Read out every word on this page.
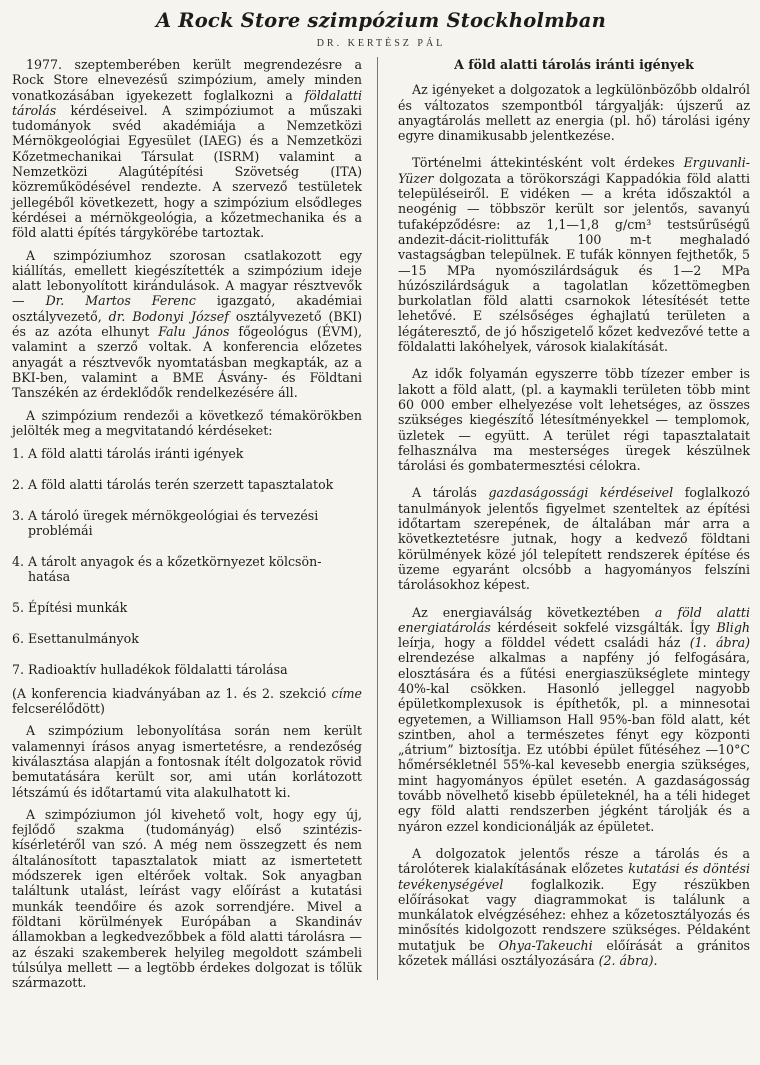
A Rock Store szimpózium Stockholmban
DR. KERTÉSZ PÁL

1977. szeptemberében került megrendezésre a Rock Store elnevezésű szimpózium, amely minden vonatkozásában igyekezett foglalkozni a földalatti tárolás kérdéseivel. A szimpóziumot a műszaki tudományok svéd akadémiája a Nemzetközi Mérnökgeológiai Egyesület (IAEG) és a Nemzetközi Kőzetmechanikai Társulat (ISRM) valamint a Nemzetközi Alagútépítési Szövetség (ITA) közreműködésével rendezte. A szervező testületek jellegéből következett, hogy a szimpózium elsődleges kérdései a mérnökgeológia, a kőzetmechanika és a föld alatti építés tárgykörébe tartoztak.

A szimpóziumhoz szorosan csatlakozott egy kiállítás, emellett kiegészítették a szimpózium ideje alatt lebonyolított kirándulások. A magyar résztvevők — Dr. Martos Ferenc igazgató, akadémiai osztályvezető, dr. Bodonyi József osztályvezető (BKI) és az azóta elhunyt Falu János főgeológus (ÉVM), valamint a szerző voltak. A konferencia előzetes anyagát a résztvevők nyomtatásban megkapták, az a BKI-ben, valamint a BME Ásvány- és Földtani Tanszékén az érdeklődők rendelkezésére áll.

A szimpózium rendezői a következő témakörökben jelölték meg a megvitatandó kérdéseket:

1. A föld alatti tárolás iránti igények
2. A föld alatti tárolás terén szerzett tapasztalatok
3. A tároló üregek mérnökgeológiai és tervezési
problémái
4. A tárolt anyagok és a kőzetkörnyezet kölcsön-
hatása
5. Építési munkák
6. Esettanulmányok
7. Radioaktív hulladékok földalatti tárolása

(A konferencia kiadványában az 1. és 2. szekció címe felcserélődött)

A szimpózium lebonyolítása során nem került valamennyi írásos anyag ismertetésre, a rendezőség kiválasztása alapján a fontosnak ítélt dolgozatok rövid bemutatására került sor, ami után korlátozott létszámú és időtartamú vita alakulhatott ki.

A szimpóziumon jól kivehető volt, hogy egy új, fejlődő szakma (tudományág) első szintézis-kísérletéről van szó. A még nem összegzett és nem általánosított tapasztalatok miatt az ismertetett módszerek igen eltérőek voltak. Sok anyagban találtunk utalást, leírást vagy előírást a kutatási munkák teendőire és azok sorrendjére. Mivel a földtani körülmények Európában a Skandináv államokban a legkedvezőbbek a föld alatti tárolásra — az északi szakemberek helyileg megoldott számbeli túlsúlya mellett — a legtöbb érdekes dolgozat is tőlük származott.

A föld alatti tárolás iránti igények

Az igényeket a dolgozatok a legkülönbözőbb oldalról és változatos szempontból tárgyalják: újszerű az anyagtárolás mellett az energia (pl. hő) tárolási igény egyre dinamikusabb jelentkezése.

Történelmi áttekintésként volt érdekes Erguvanli-Yüzer dolgozata a törökországi Kappadókia föld alatti településeiről. E vidéken — a kréta időszaktól a neogénig — többször került sor jelentős, savanyú tufaképződésre: az 1,1—1,8 g/cm³ testsűrűségű andezit-dácit-riolittufák 100 m-t meghaladó vastagságban települnek. E tufák könnyen fejthetők, 5—15 MPa nyomószilárdságuk és 1—2 MPa húzószilárdságuk a tagolatlan kőzettömegben burkolatlan föld alatti csarnokok létesítését tette lehetővé. E szélsőséges éghajlatú területen a légáteresztő, de jó hőszigetelő kőzet kedvezővé tette a földalatti lakóhelyek, városok kialakítását.

Az idők folyamán egyszerre több tízezer ember is lakott a föld alatt, (pl. a kaymakli területen több mint 60 000 ember elhelyezése volt lehetséges, az összes szükséges kiegészítő létesítményekkel — templomok, üzletek — együtt. A terület régi tapasztalatait felhasználva ma mesterséges üregek készülnek tárolási és gombatermesztési célokra.

A tárolás gazdaságossági kérdéseivel foglalkozó tanulmányok jelentős figyelmet szenteltek az építési időtartam szerepének, de általában már arra a következtetésre jutnak, hogy a kedvező földtani körülmények közé jól telepített rendszerek építése és üzeme egyaránt olcsóbb a hagyományos felszíni tárolásokhoz képest.

Az energiaválság következtében a föld alatti energiatárolás kérdéseit sokfelé vizsgálták. Így Bligh leírja, hogy a földdel védett családi ház (1. ábra) elrendezése alkalmas a napfény jó felfogására, elosztására és a fűtési energiaszükséglete mintegy 40%-kal csökken. Hasonló jelleggel nagyobb épületkomplexusok is építhetők, pl. a minnesotai egyetemen, a Williamson Hall 95%-ban föld alatt, két szintben, ahol a természetes fényt egy központi „átrium” biztosítja. Ez utóbbi épület fűtéséhez —10°C hőmérsékletnél 55%-kal kevesebb energia szükséges, mint hagyományos épület esetén. A gazdaságosság tovább növelhető kisebb épületeknél, ha a téli hideget egy föld alatti rendszerben jégként tárolják és a nyáron ezzel kondicionálják az épületet.

A dolgozatok jelentős része a tárolás és a tárolóterek kialakításának előzetes kutatási és döntési tevékenységével foglalkozik. Egy részükben előírásokat vagy diagrammokat is találunk a munkálatok elvégzéséhez: ehhez a kőzetosztályozás és minősítés kidolgozott rendszere szükséges. Példaként mutatjuk be Ohya-Takeuchi előírását a gránitos kőzetek mállási osztályozására (2. ábra).
